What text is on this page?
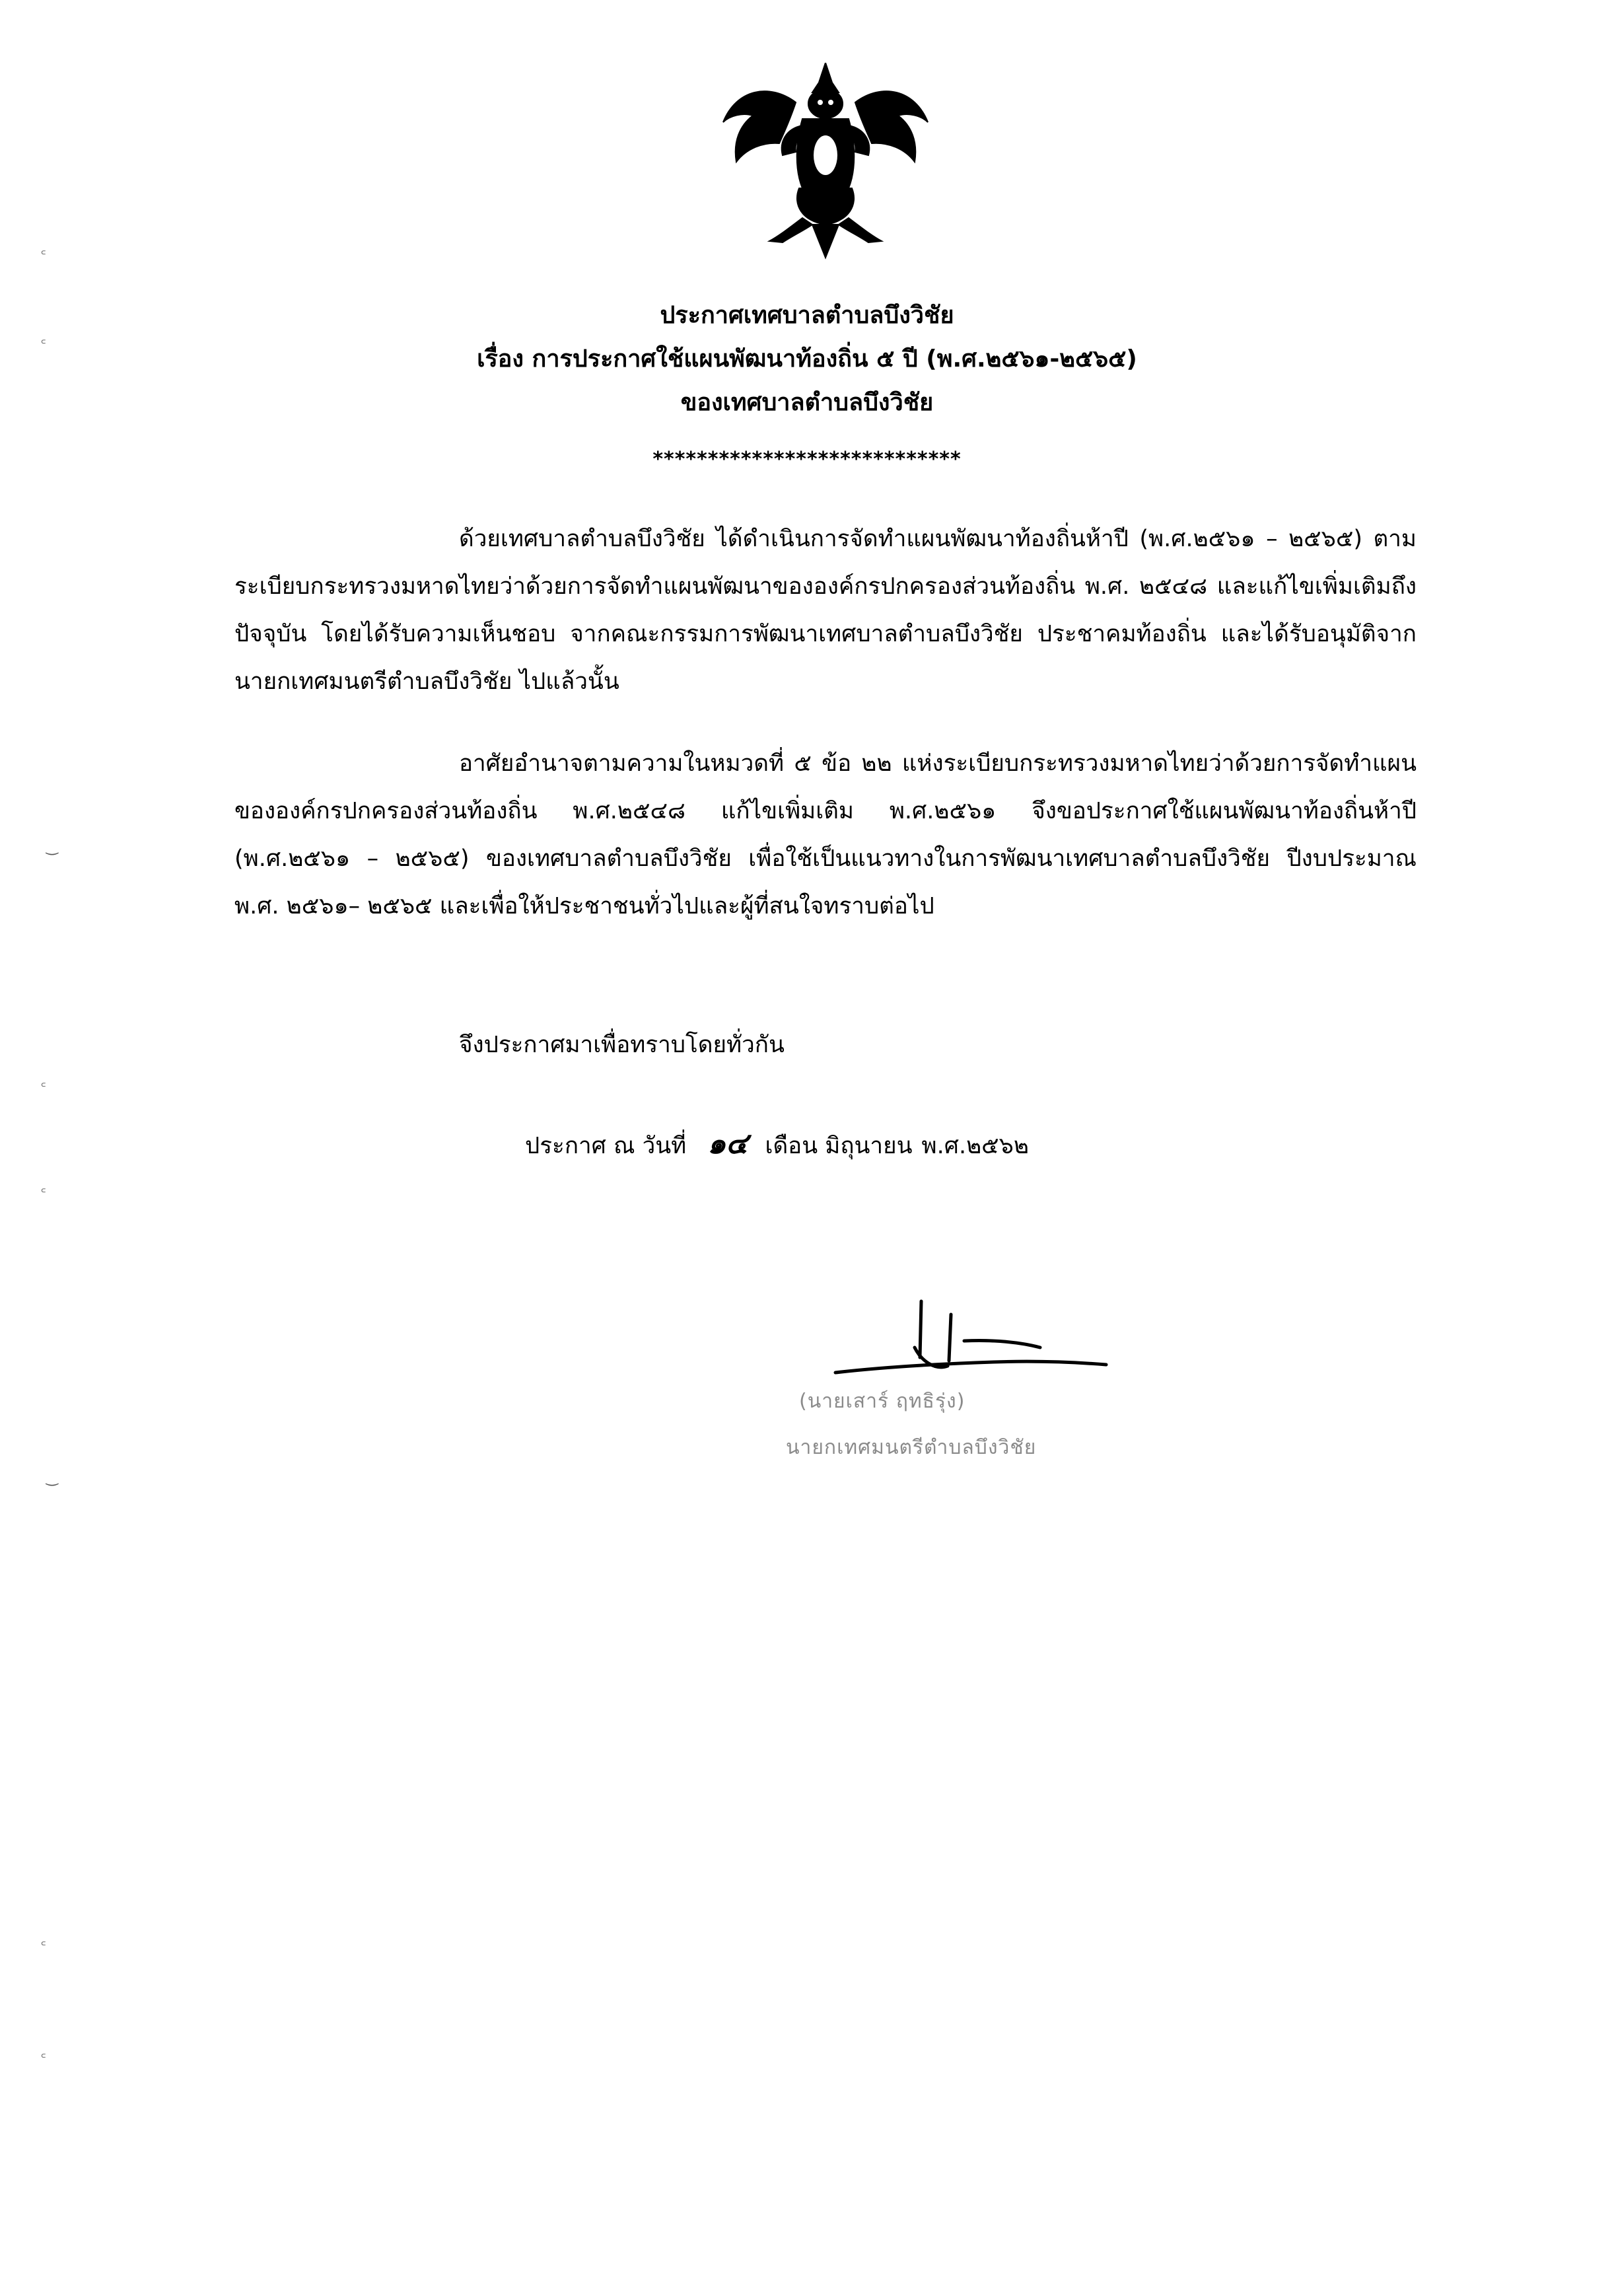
ประกาศเทศบาลตำบลบึงวิชัย
เรื่อง การประกาศใช้แผนพัฒนาท้องถิ่น ๕ ปี (พ.ศ.๒๕๖๑-๒๕๖๕)
ของเทศบาลตำบลบึงวิชัย
****************************
ด้วยเทศบาลตำบลบึงวิชัย ได้ดำเนินการจัดทำแผนพัฒนาท้องถิ่นห้าปี (พ.ศ.๒๕๖๑ – ๒๕๖๕) ตามระเบียบกระทรวงมหาดไทยว่าด้วยการจัดทำแผนพัฒนาขององค์กรปกครองส่วนท้องถิ่น พ.ศ. ๒๕๔๘ และแก้ไขเพิ่มเติมถึงปัจจุบัน โดยได้รับความเห็นชอบ จากคณะกรรมการพัฒนาเทศบาลตำบลบึงวิชัย ประชาคมท้องถิ่น และได้รับอนุมัติจากนายกเทศมนตรีตำบลบึงวิชัย ไปแล้วนั้น
อาศัยอำนาจตามความในหมวดที่ ๕ ข้อ ๒๒ แห่งระเบียบกระทรวงมหาดไทยว่าด้วยการจัดทำแผนขององค์กรปกครองส่วนท้องถิ่น พ.ศ.๒๕๔๘ แก้ไขเพิ่มเติม พ.ศ.๒๕๖๑ จึงขอประกาศใช้แผนพัฒนาท้องถิ่นห้าปี (พ.ศ.๒๕๖๑ – ๒๕๖๕) ของเทศบาลตำบลบึงวิชัย เพื่อใช้เป็นแนวทางในการพัฒนาเทศบาลตำบลบึงวิชัย ปีงบประมาณ พ.ศ. ๒๕๖๑– ๒๕๖๕ และเพื่อให้ประชาชนทั่วไปและผู้ที่สนใจทราบต่อไป
จึงประกาศมาเพื่อทราบโดยทั่วกัน
ประกาศ ณ วันที่ ๑๔ เดือน มิถุนายน พ.ศ.๒๕๖๒
(นายเสาร์ ฤทธิรุ่ง)
นายกเทศมนตรีตำบลบึงวิชัย
꜀
꜀
‿
꜀
꜀
‿
꜀
꜀
